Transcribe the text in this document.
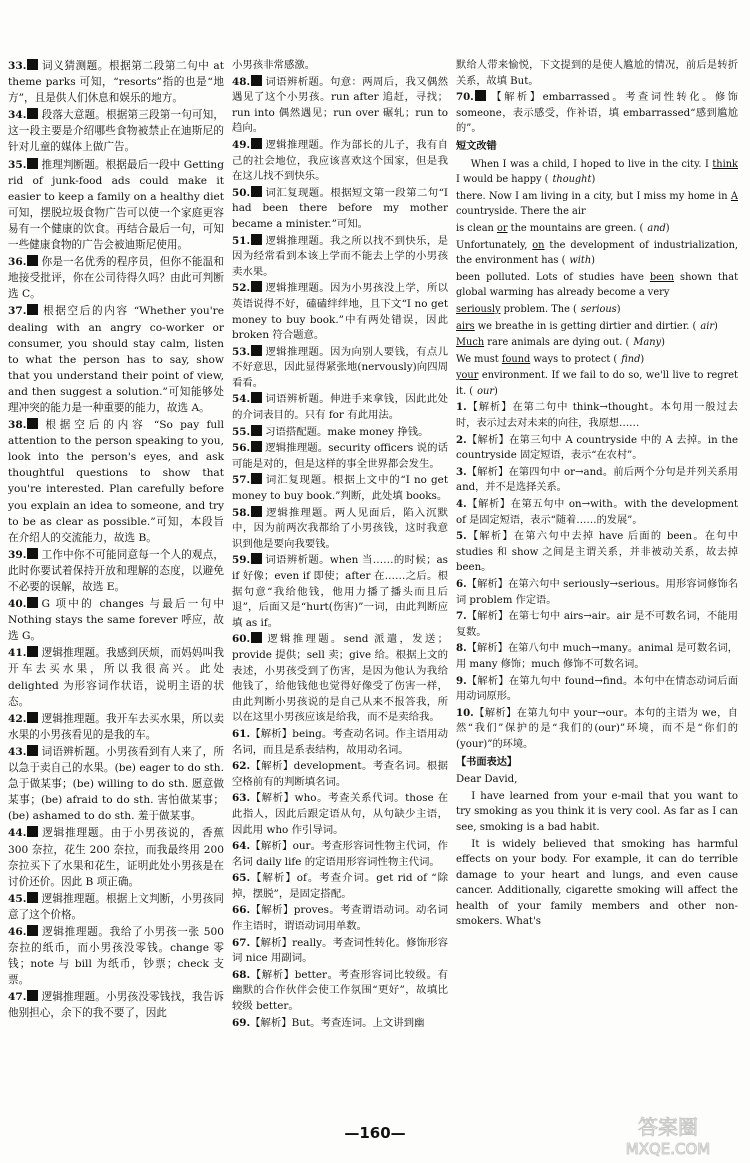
33. 词义猜测题。根据第二段第二句中 at theme parks 可知，“resorts”指的也是“地方”，且是供人们休息和娱乐的地方。

34. 段落大意题。根据第三段第一句可知，这一段主要是介绍哪些食物被禁止在迪斯尼的针对儿童的媒体上做广告。

35. 推理判断题。根据最后一段中 Getting rid of junk-food ads could make it easier to keep a family on a healthy diet 可知，摆脱垃圾食物广告可以使一个家庭更容易有一个健康的饮食。再结合最后一句，可知一些健康食物的广告会被迪斯尼使用。

36. 你是一名优秀的程序员，但你不能温和地接受批评，你在公司待得久吗？由此可判断选 C。

37. 根据空后的内容 “Whether you're dealing with an angry co-worker or consumer, you should stay calm, listen to what the person has to say, show that you understand their point of view, and then suggest a solution.”可知能够处理冲突的能力是一种重要的能力，故选 A。

38. 根据空后的内容 “So pay full attention to the person speaking to you, look into the person's eyes, and ask thoughtful questions to show that you're interested. Plan carefully before you explain an idea to someone, and try to be as clear as possible.”可知，本段旨在介绍人的交流能力，故选 B。

39. 工作中你不可能同意每一个人的观点，此时你要试着保持开放和理解的态度，以避免不必要的误解，故选 E。

40. G 项中的 changes 与最后一句中 Nothing stays the same forever 呼应，故选 G。

41. 逻辑推理题。我感到厌烦，而妈妈叫我开车去买水果，所以我很高兴。此处 delighted 为形容词作状语，说明主语的状态。

42. 逻辑推理题。我开车去买水果，所以卖水果的小男孩看见的是我的车。

43. 词语辨析题。小男孩看到有人来了，所以急于卖自己的水果。(be) eager to do sth. 急于做某事；(be) willing to do sth. 愿意做某事；(be) afraid to do sth. 害怕做某事；(be) ashamed to do sth. 羞于做某事。

44. 逻辑推理题。由于小男孩说的，香蕉 300 奈拉，花生 200 奈拉，而我最终用 200 奈拉买下了水果和花生，证明此处小男孩是在讨价还价。因此 B 项正确。

45. 逻辑推理题。根据上文判断，小男孩同意了这个价格。

46. 逻辑推理题。我给了小男孩一张 500 奈拉的纸币，而小男孩没零钱。change 零钱；note 与 bill 为纸币，钞票；check 支票。

47. 逻辑推理题。小男孩没零钱找，我告诉他别担心，余下的我不要了，因此

小男孩非常感激。

48. 词语辨析题。句意：两周后，我又偶然遇见了这个小男孩。run after 追赶，寻找；run into 偶然遇见；run over 碾轧；run to 趋向。

49. 逻辑推理题。作为部长的儿子，我有自己的社会地位，我应该喜欢这个国家，但是我在这儿找不到快乐。

50. 词汇复现题。根据短文第一段第二句“I had been there before my mother became a minister.”可知。

51. 逻辑推理题。我之所以找不到快乐，是因为经常看到本该上学而不能去上学的小男孩卖水果。

52. 逻辑推理题。因为小男孩没上学，所以英语说得不好，磕磕绊绊地，且下文“I no get money to buy book.”中有两处错误，因此 broken 符合题意。

53. 逻辑推理题。因为向别人要钱，有点儿不好意思，因此显得紧张地(nervously)向四周看看。

54. 词语辨析题。伸进手来拿钱，因此此处的介词表目的。只有 for 有此用法。

55. 习语搭配题。make money 挣钱。

56. 逻辑推理题。security officers 说的话可能是对的，但是这样的事全世界都会发生。

57. 词汇复现题。根据上文中的“I no get money to buy book.”判断，此处填 books。

58. 逻辑推理题。两人见面后，陷入沉默中，因为前两次我都给了小男孩钱，这时我意识到他是要向我要钱。

59. 词语辨析题。when 当……的时候；as if 好像；even if 即使；after 在……之后。根据句意“我给他钱，他用力播了播头而且后退”，后面又是“hurt(伤害)”一词，由此判断应填 as if。

60. 逻辑推理题。send 派遣，发送；provide 提供；sell 卖；give 给。根据上文的表述，小男孩受到了伤害，是因为他认为我给他钱了，给他钱他也觉得好像受了伤害一样，由此判断小男孩说的是自己从来不报答我，所以在这里小男孩应该是给我，而不是卖给我。

61.【解析】being。考查动名词。作主语用动名词，而且是系表结构，故用动名词。

62.【解析】development。考查名词。根据空格前有的判断填名词。

63.【解析】who。考查关系代词。those 在此指人，因此后跟定语从句，从句缺少主语，因此用 who 作引导词。

64.【解析】our。考查形容词性物主代词，作名词 daily life 的定语用形容词性物主代词。

65.【解析】of。考查介词。get rid of “除掉，摆脱”，是固定搭配。

66.【解析】proves。考查谓语动词。动名词作主语时，谓语动词用单数。

67.【解析】really。考查词性转化。修饰形容词 nice 用副词。

68.【解析】better。考查形容词比较级。有幽默的合作伙伴会使工作氛围“更好”，故填比较级 better。

69.【解析】But。考查连词。上文讲到幽

默给人带来愉悦，下文提到的是使人尴尬的情况，前后是转折关系，故填 But。

70. 【解析】embarrassed。考查词性转化。修饰 someone，表示感受，作补语，填 embarrassed“感到尴尬的”。

短文改错

When I was a child, I hoped to live in the city. I think I would be happy ( thought)

there. Now I am living in a city, but I miss my home in A countryside. There the air

is clean or the mountains are green. ( and)

Unfortunately, on the development of industrialization, the environment has ( with)

been polluted. Lots of studies have been shown that global warming has already become a very

seriously problem. The ( serious)

airs we breathe in is getting dirtier and dirtier. ( air)

Much rare animals are dying out. ( Many)

We must found ways to protect ( find)

your environment. If we fail to do so, we'll live to regret it. ( our)

1.【解析】在第二句中 think→thought。本句用一般过去时，表示过去对未来的向往，我原想……

2.【解析】在第三句中 A countryside 中的 A 去掉。in the countryside 固定短语，表示“在农村”。

3.【解析】在第四句中 or→and。前后两个分句是并列关系用 and，并不是选择关系。

4.【解析】在第五句中 on→with。with the development of 是固定短语，表示“随着……的发展”。

5.【解析】在第六句中去掉 have 后面的 been。在句中 studies 和 show 之间是主谓关系，并非被动关系，故去掉 been。

6.【解析】在第六句中 seriously→serious。用形容词修饰名词 problem 作定语。

7.【解析】在第七句中 airs→air。air 是不可数名词，不能用复数。

8.【解析】在第八句中 much→many。animal 是可数名词，用 many 修饰；much 修饰不可数名词。

9.【解析】在第九句中 found→find。本句中在情态动词后面用动词原形。

10.【解析】在第九句中 your→our。本句的主语为 we，自然“我们”保护的是“我们的(our)”环境，而不是“你们的(your)”的环境。

【书面表达】

Dear David,

I have learned from your e-mail that you want to try smoking as you think it is very cool. As far as I can see, smoking is a bad habit.

It is widely believed that smoking has harmful effects on your body. For example, it can do terrible damage to your heart and lungs, and even cause cancer. Additionally, cigarette smoking will affect the health of your family members and other non-smokers. What's

—160—	答案圈
MXQE.COM
